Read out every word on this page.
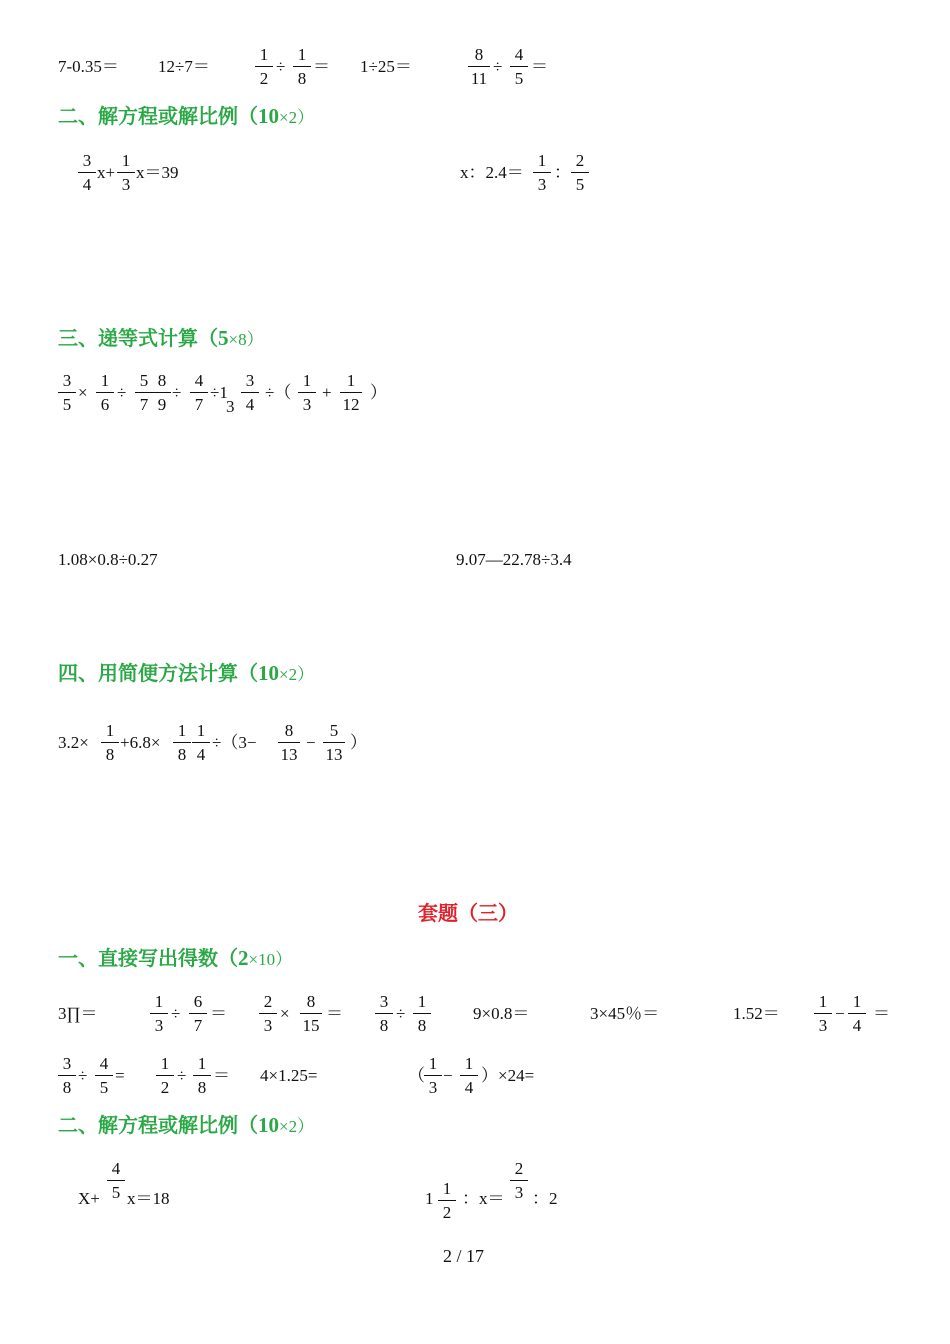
7-0.35＝ 12÷7＝
1
2
÷
1
8
＝ 1÷25＝
8
11
÷
4
5
＝
二、解方程或解比例（10×2）
3
4
x+
1
3
x＝39	x：2.4＝
1
3
：
2
5
三、递等式计算（5×8）
3
5
×
1
6
÷
5
7
8
9
÷
4
7
÷1
3
4
3
÷（
1
3
+
1
12
）
1.08×0.8÷0.27	9.07—22.78÷3.4
四、用简便方法计算（10×2）
3.2×
1
8
+6.8×
1
8
1
4
÷（3−
8
13
−
5
13
）
套题（三）
一、直接写出得数（2×10）
3∏＝
1
3
÷
6
7
＝
2
3
×
8
15
＝
3
8
÷
1
8
9×0.8＝	3×45％＝	1.52＝
1
3
−
1
4
＝
3
8
÷
4
5
=
1
2
÷
1
8
＝ 4×1.25=	（
1
3
−
1
4
）×24=
二、解方程或解比例（10×2）
X+
4
5 x＝18	1
1
2
：x＝
2
3 ：2
2 / 17
